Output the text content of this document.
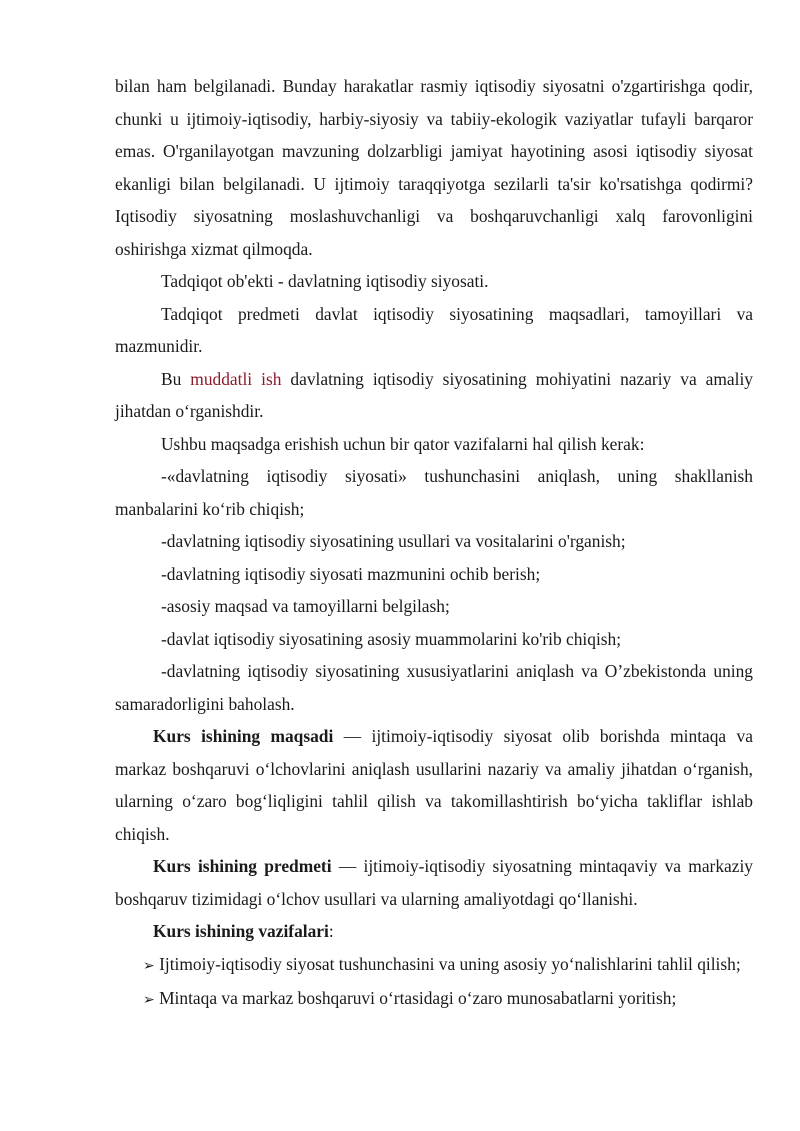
bilan ham belgilanadi. Bunday harakatlar rasmiy iqtisodiy siyosatni o'zgartirishga qodir, chunki u ijtimoiy-iqtisodiy, harbiy-siyosiy va tabiiy-ekologik vaziyatlar tufayli barqaror emas. O'rganilayotgan mavzuning dolzarbligi jamiyat hayotining asosi iqtisodiy siyosat ekanligi bilan belgilanadi. U ijtimoiy taraqqiyotga sezilarli ta'sir ko'rsatishga qodirmi? Iqtisodiy siyosatning moslashuvchanligi va boshqaruvchanligi xalq farovonligini oshirishga xizmat qilmoqda.

Tadqiqot ob'ekti - davlatning iqtisodiy siyosati.

Tadqiqot predmeti davlat iqtisodiy siyosatining maqsadlari, tamoyillari va mazmunidir.

Bu muddatli ish davlatning iqtisodiy siyosatining mohiyatini nazariy va amaliy jihatdan o‘rganishdir.

Ushbu maqsadga erishish uchun bir qator vazifalarni hal qilish kerak:

-«davlatning iqtisodiy siyosati» tushunchasini aniqlash, uning shakllanish manbalarini ko‘rib chiqish;

-davlatning iqtisodiy siyosatining usullari va vositalarini o'rganish;

-davlatning iqtisodiy siyosati mazmunini ochib berish;

-asosiy maqsad va tamoyillarni belgilash;

-davlat iqtisodiy siyosatining asosiy muammolarini ko'rib chiqish;

-davlatning iqtisodiy siyosatining xususiyatlarini aniqlash va O’zbekistonda uning samaradorligini baholash.

Kurs ishining maqsadi — ijtimoiy-iqtisodiy siyosat olib borishda mintaqa va markaz boshqaruvi o‘lchovlarini aniqlash usullarini nazariy va amaliy jihatdan o‘rganish, ularning o‘zaro bog‘liqligini tahlil qilish va takomillashtirish bo‘yicha takliflar ishlab chiqish.

Kurs ishining predmeti — ijtimoiy-iqtisodiy siyosatning mintaqaviy va markaziy boshqaruv tizimidagi o‘lchov usullari va ularning amaliyotdagi qo‘llanishi.

Kurs ishining vazifalari:

➢ Ijtimoiy-iqtisodiy siyosat tushunchasini va uning asosiy yo‘nalishlarini tahlil qilish;

➢ Mintaqa va markaz boshqaruvi o‘rtasidagi o‘zaro munosabatlarni yoritish;
